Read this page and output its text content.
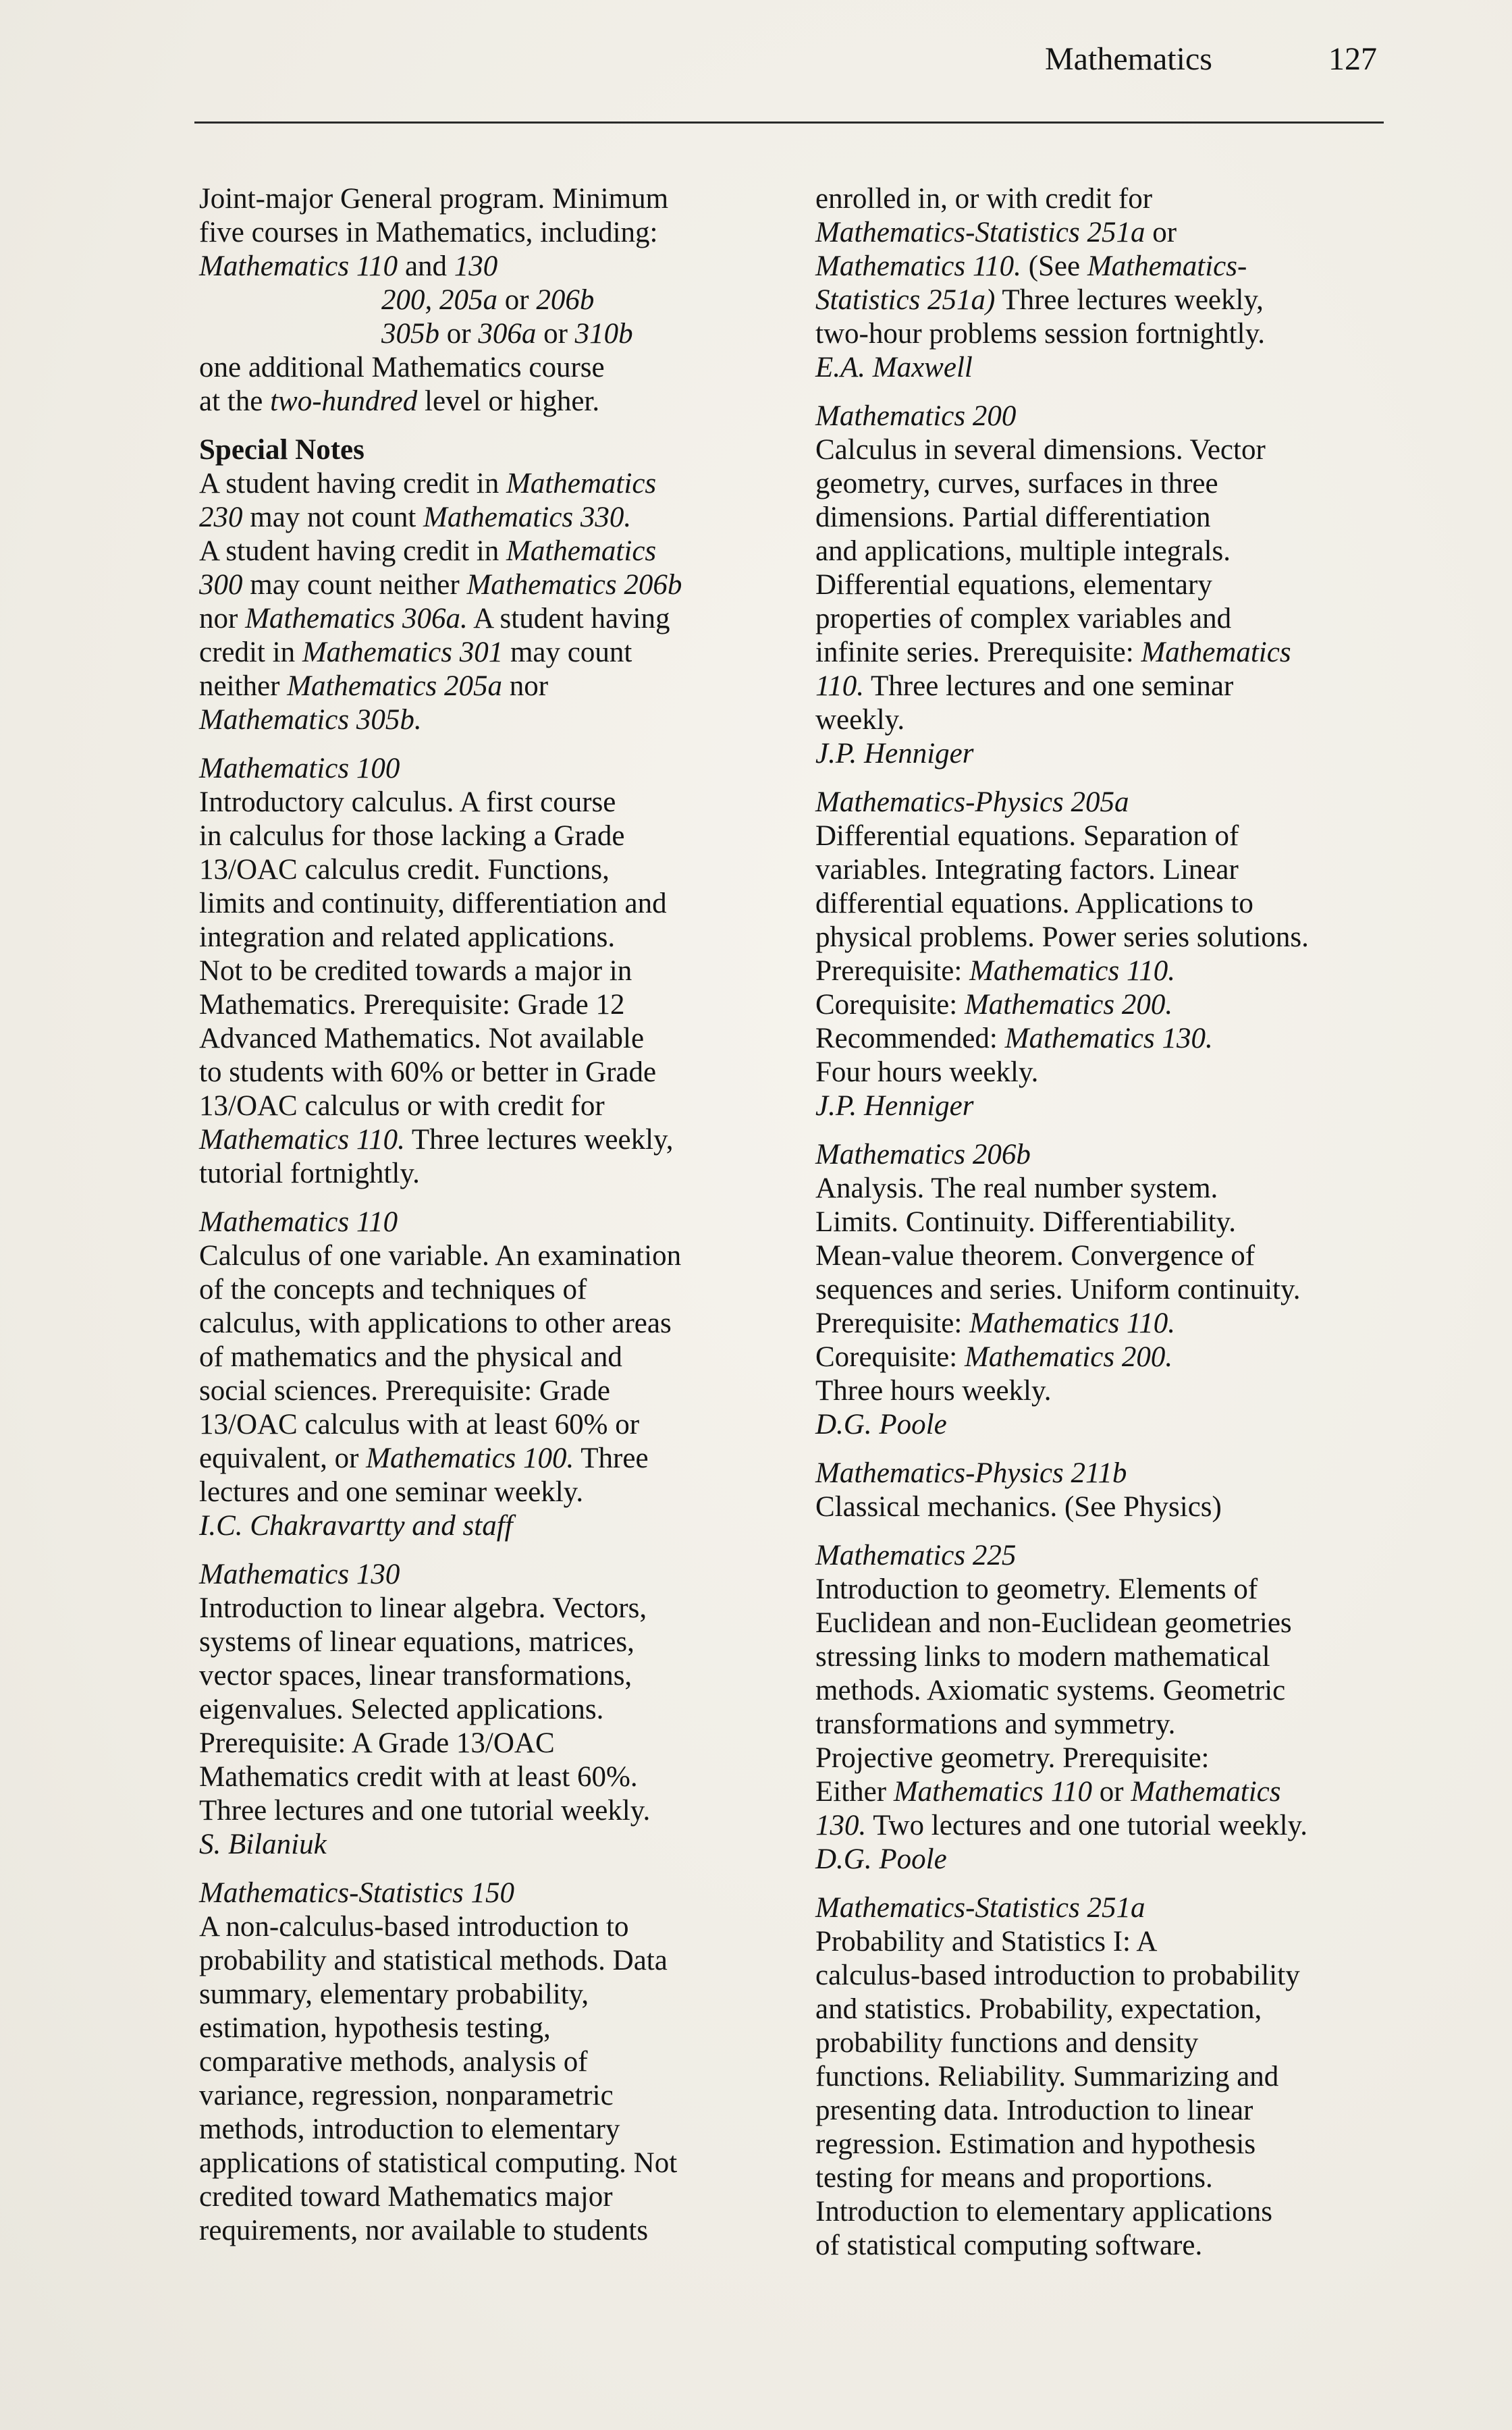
Mathematics	127
Joint-major General program. Minimum
five courses in Mathematics, including:
Mathematics 110 and 130
200, 205a or 206b
305b or 306a or 310b
one additional Mathematics course
at the two-hundred level or higher.
Special Notes
A student having credit in Mathematics
230 may not count Mathematics 330.
A student having credit in Mathematics
300 may count neither Mathematics 206b
nor Mathematics 306a. A student having
credit in Mathematics 301 may count
neither Mathematics 205a nor
Mathematics 305b.
Mathematics 100
Introductory calculus. A first course
in calculus for those lacking a Grade
13/OAC calculus credit. Functions,
limits and continuity, differentiation and
integration and related applications.
Not to be credited towards a major in
Mathematics. Prerequisite: Grade 12
Advanced Mathematics. Not available
to students with 60% or better in Grade
13/OAC calculus or with credit for
Mathematics 110. Three lectures weekly,
tutorial fortnightly.
Mathematics 110
Calculus of one variable. An examination
of the concepts and techniques of
calculus, with applications to other areas
of mathematics and the physical and
social sciences. Prerequisite: Grade
13/OAC calculus with at least 60% or
equivalent, or Mathematics 100. Three
lectures and one seminar weekly.
I.C. Chakravartty and staff
Mathematics 130
Introduction to linear algebra. Vectors,
systems of linear equations, matrices,
vector spaces, linear transformations,
eigenvalues. Selected applications.
Prerequisite: A Grade 13/OAC
Mathematics credit with at least 60%.
Three lectures and one tutorial weekly.
S. Bilaniuk
Mathematics-Statistics 150
A non-calculus-based introduction to
probability and statistical methods. Data
summary, elementary probability,
estimation, hypothesis testing,
comparative methods, analysis of
variance, regression, nonparametric
methods, introduction to elementary
applications of statistical computing. Not
credited toward Mathematics major
requirements, nor available to students
enrolled in, or with credit for
Mathematics-Statistics 251a or
Mathematics 110. (See Mathematics-
Statistics 251a) Three lectures weekly,
two-hour problems session fortnightly.
E.A. Maxwell
Mathematics 200
Calculus in several dimensions. Vector
geometry, curves, surfaces in three
dimensions. Partial differentiation
and applications, multiple integrals.
Differential equations, elementary
properties of complex variables and
infinite series. Prerequisite: Mathematics
110. Three lectures and one seminar
weekly.
J.P. Henniger
Mathematics-Physics 205a
Differential equations. Separation of
variables. Integrating factors. Linear
differential equations. Applications to
physical problems. Power series solutions.
Prerequisite: Mathematics 110.
Corequisite: Mathematics 200.
Recommended: Mathematics 130.
Four hours weekly.
J.P. Henniger
Mathematics 206b
Analysis. The real number system.
Limits. Continuity. Differentiability.
Mean-value theorem. Convergence of
sequences and series. Uniform continuity.
Prerequisite: Mathematics 110.
Corequisite: Mathematics 200.
Three hours weekly.
D.G. Poole
Mathematics-Physics 211b
Classical mechanics. (See Physics)
Mathematics 225
Introduction to geometry. Elements of
Euclidean and non-Euclidean geometries
stressing links to modern mathematical
methods. Axiomatic systems. Geometric
transformations and symmetry.
Projective geometry. Prerequisite:
Either Mathematics 110 or Mathematics
130. Two lectures and one tutorial weekly.
D.G. Poole
Mathematics-Statistics 251a
Probability and Statistics I: A
calculus-based introduction to probability
and statistics. Probability, expectation,
probability functions and density
functions. Reliability. Summarizing and
presenting data. Introduction to linear
regression. Estimation and hypothesis
testing for means and proportions.
Introduction to elementary applications
of statistical computing software.
